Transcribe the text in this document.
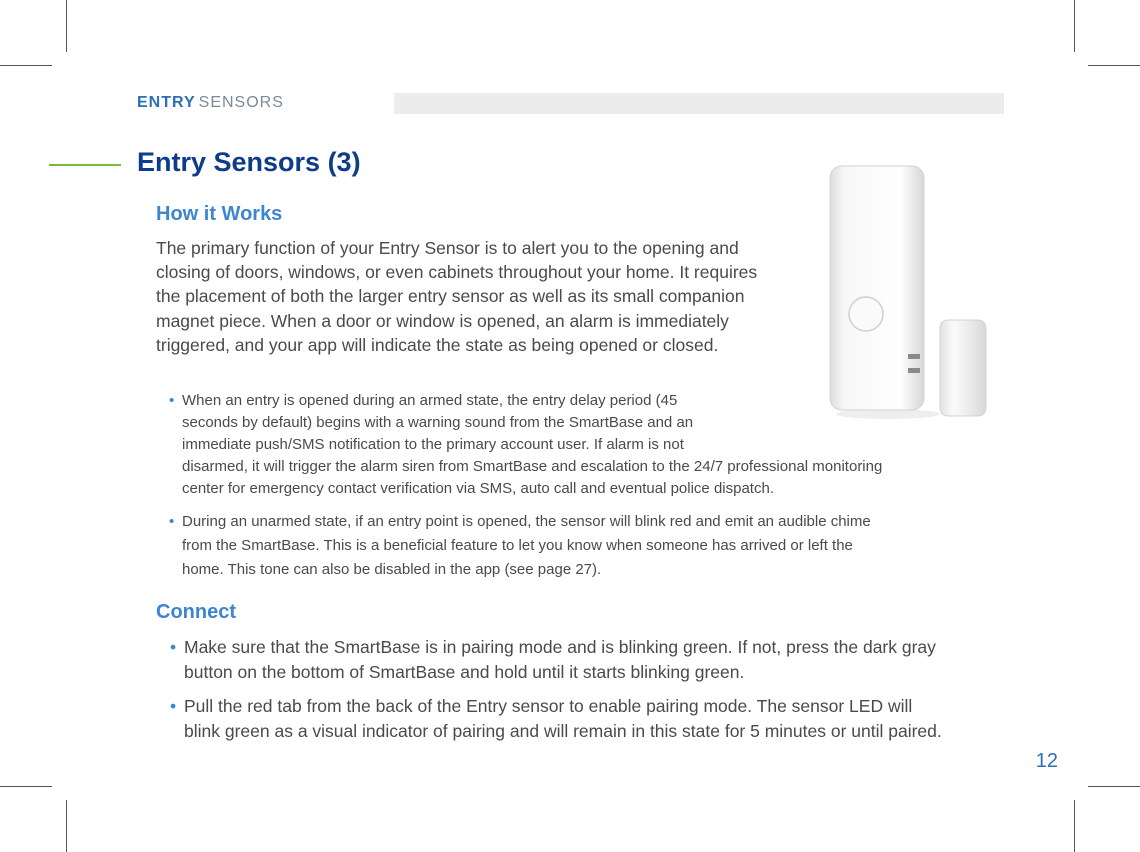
ENTRY SENSORS
Entry Sensors (3)
How it Works

The primary function of your Entry Sensor is to alert you to the opening and closing of doors, windows, or even cabinets throughout your home. It requires the placement of both the larger entry sensor as well as its small companion magnet piece. When a door or window is opened, an alarm is immediately triggered, and your app will indicate the state as being opened or closed.

• When an entry is opened during an armed state, the entry delay period (45
seconds by default) begins with a warning sound from the SmartBase and an
immediate push/SMS notification to the primary account user. If alarm is not
disarmed, it will trigger the alarm siren from SmartBase and escalation to the 24/7 professional monitoring
center for emergency contact verification via SMS, auto call and eventual police dispatch.
• During an unarmed state, if an entry point is opened, the sensor will blink red and emit an audible chime
from the SmartBase. This is a beneficial feature to let you know when someone has arrived or left the
home. This tone can also be disabled in the app (see page 27).
Connect
• Make sure that the SmartBase is in pairing mode and is blinking green. If not, press the dark gray
button on the bottom of SmartBase and hold until it starts blinking green.
• Pull the red tab from the back of the Entry sensor to enable pairing mode. The sensor LED will
blink green as a visual indicator of pairing and will remain in this state for 5 minutes or until paired.
12
